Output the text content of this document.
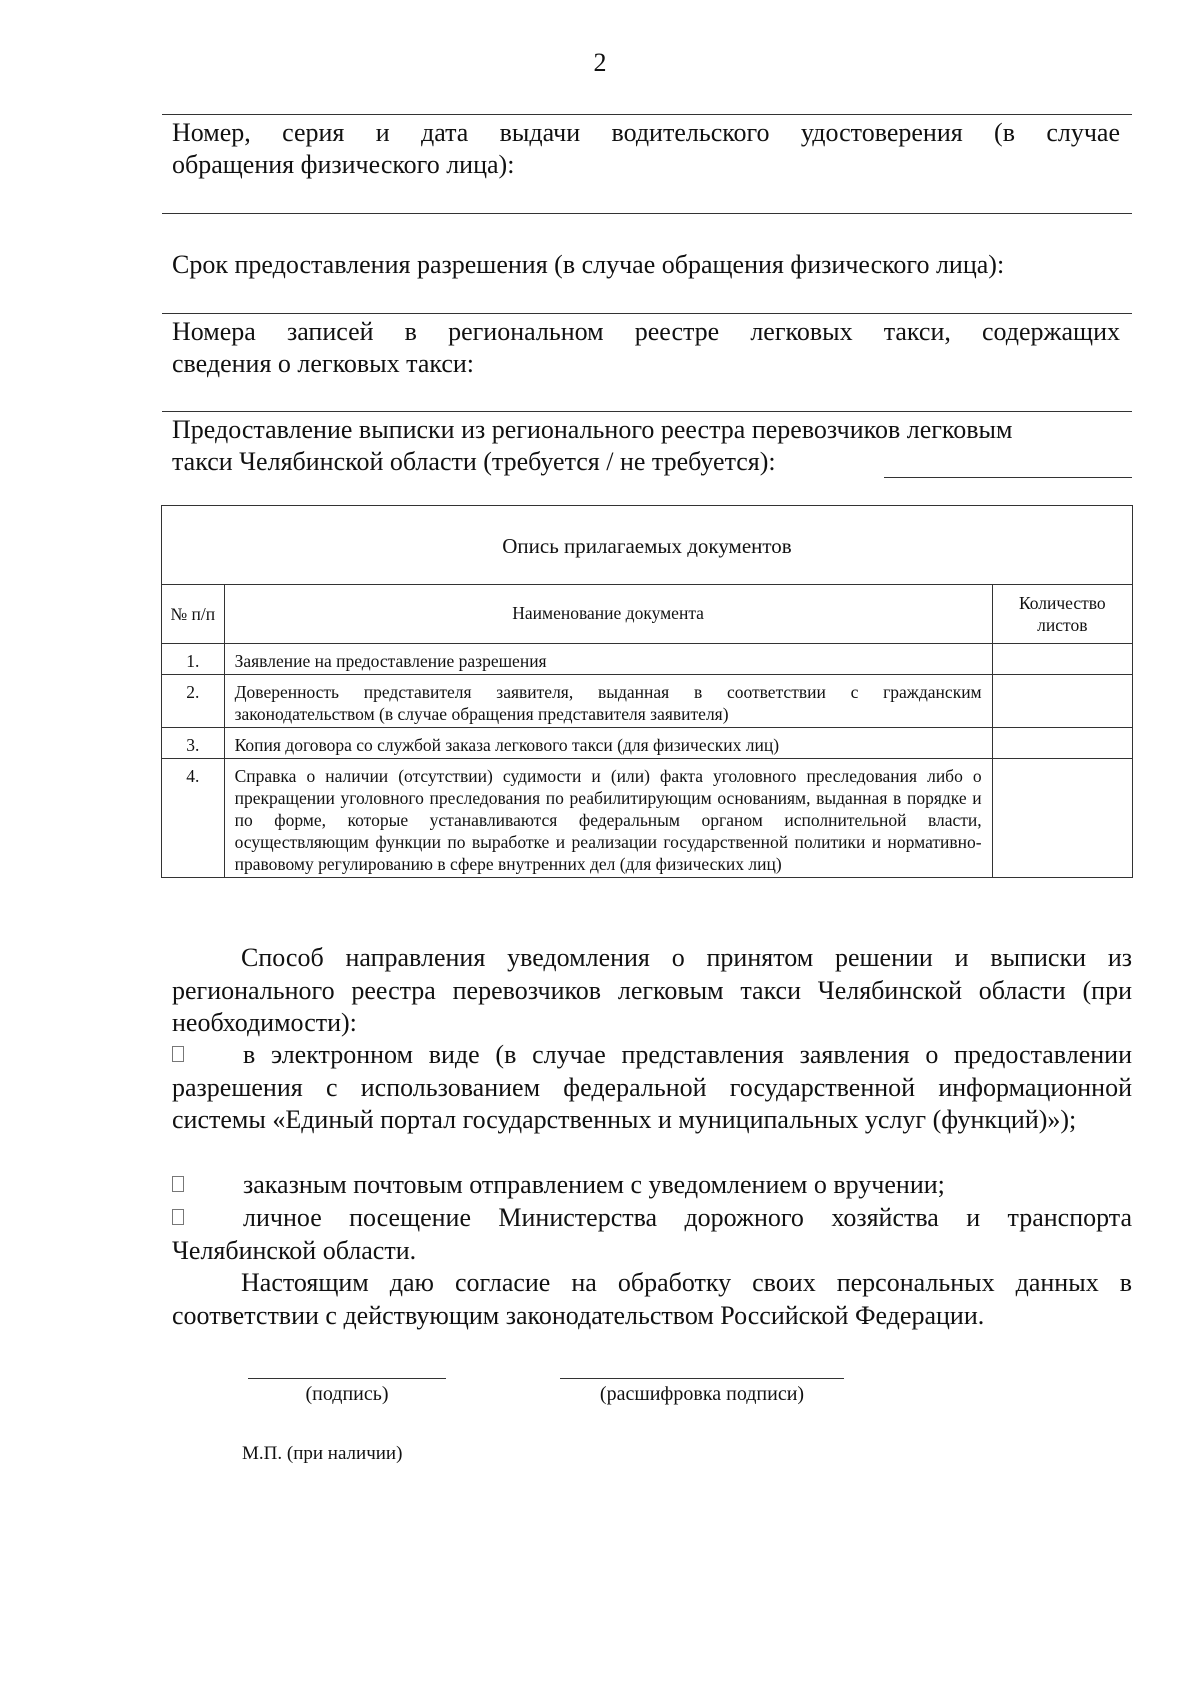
2
Номер, серия и дата выдачи водительского удостоверения (в случае
обращения физического лица):
Срок предоставления разрешения (в случае обращения физического лица):
Номера записей в региональном реестре легковых такси, содержащих
сведения о легковых такси:
Предоставление выписки из регионального реестра перевозчиков легковым
такси Челябинской области (требуется / не требуется):
Опись прилагаемых документов		
№ п/п	Наименование документа	Количество листов
1.	Заявление на предоставление разрешения	
2.	Доверенность представителя заявителя, выданная в соответствии с гражданским законодательством (в случае обращения представителя заявителя)	
3.	Копия договора со службой заказа легкового такси (для физических лиц)	
4.	Справка о наличии (отсутствии) судимости и (или) факта уголовного преследования либо о прекращении уголовного преследования по реабилитирующим основаниям, выданная в порядке и по форме, которые устанавливаются федеральным органом исполнительной власти, осуществляющим функции по выработке и реализации государственной политики и нормативно-правовому регулированию в сфере внутренних дел (для физических лиц)	
Способ направления уведомления о принятом решении и выписки из регионального реестра перевозчиков легковым такси Челябинской области (при необходимости):
в электронном виде (в случае представления заявления о предоставлении разрешения с использованием федеральной государственной информационной системы «Единый портал государственных и муниципальных услуг (функций)»);
заказным почтовым отправлением с уведомлением о вручении;
личное посещение Министерства дорожного хозяйства и транспорта Челябинской области.
Настоящим даю согласие на обработку своих персональных данных в соответствии с действующим законодательством Российской Федерации.
(подпись)	(расшифровка подписи)
М.П. (при наличии)
